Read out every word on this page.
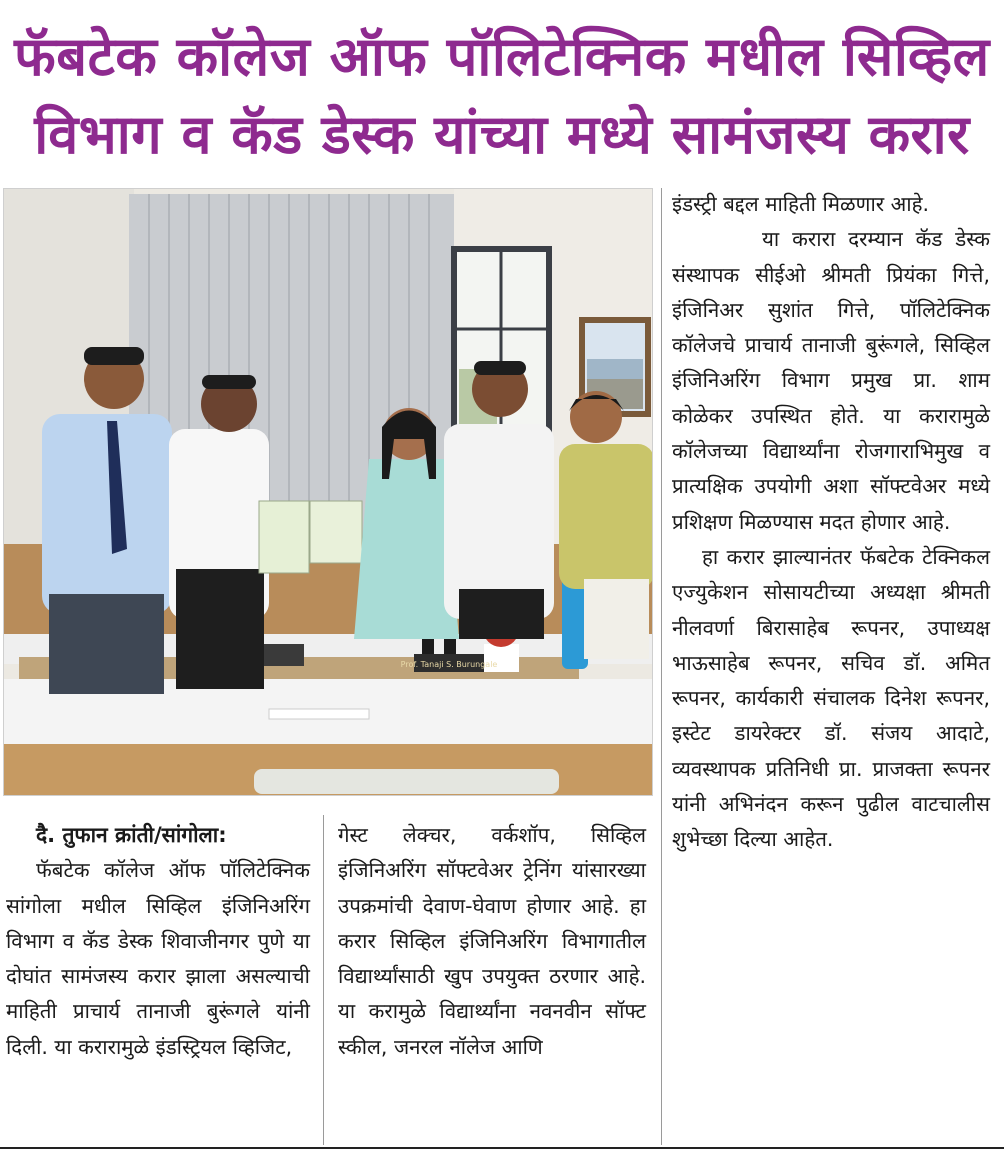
फॅबटेक कॉलेज ऑफ पॉलिटेक्निक मधील सिव्हिल
विभाग व कॅड डेस्क यांच्या मध्ये सामंजस्य करार
Prof. Tanaji S. Burungale

इंडस्ट्री बद्दल माहिती मिळणार आहे.

या करारा दरम्यान कॅड डेस्क संस्थापक सीईओ श्रीमती प्रियंका गित्ते, इंजिनिअर सुशांत गित्ते, पॉलिटेक्निक कॉलेजचे प्राचार्य तानाजी बुरूंगले, सिव्हिल इंजिनिअरिंग विभाग प्रमुख प्रा. शाम कोळेकर उपस्थित होते. या करारामुळे कॉलेजच्या विद्यार्थ्यांना रोजगाराभिमुख व प्रात्यक्षिक उपयोगी अशा सॉफ्टवेअर मध्ये प्रशिक्षण मिळण्यास मदत होणार आहे.

हा करार झाल्यानंतर फॅबटेक टेक्निकल एज्युकेशन सोसायटीच्या अध्यक्षा श्रीमती नीलवर्णा बिरासाहेब रूपनर, उपाध्यक्ष भाऊसाहेब रूपनर, सचिव डॉ. अमित रूपनर, कार्यकारी संचालक दिनेश रूपनर, इस्टेट डायरेक्टर डॉ. संजय आदाटे, व्यवस्थापक प्रतिनिधी प्रा. प्राजक्ता रूपनर यांनी अभिनंदन करून पुढील वाटचालीस शुभेच्छा दिल्या आहेत.

दै. तुफान क्रांती/सांगोला:

फॅबटेक कॉलेज ऑफ पॉलिटेक्निक सांगोला मधील सिव्हिल इंजिनिअरिंग विभाग व कॅड डेस्क शिवाजीनगर पुणे या दोघांत सामंजस्य करार झाला असल्याची माहिती प्राचार्य तानाजी बुरूंगले यांनी दिली. या करारामुळे इंडस्ट्रियल व्हिजिट,

गेस्ट लेक्चर, वर्कशॉप, सिव्हिल इंजिनिअरिंग सॉफ्टवेअर ट्रेनिंग यांसारख्या उपक्रमांची देवाण-घेवाण होणार आहे. हा करार सिव्हिल इंजिनिअरिंग विभागातील विद्यार्थ्यांसाठी खुप उपयुक्त ठरणार आहे. या करामुळे विद्यार्थ्यांना नवनवीन सॉफ्ट स्कील, जनरल नॉलेज आणि
